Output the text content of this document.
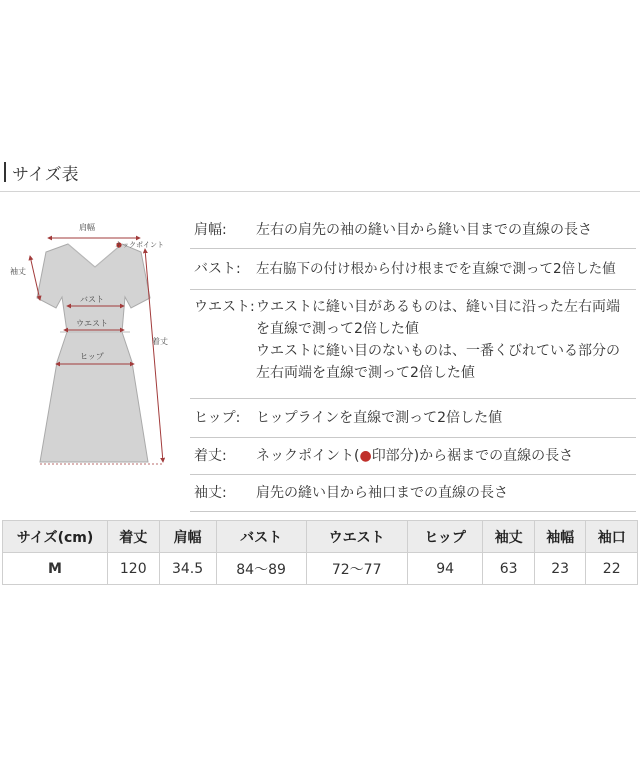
サイズ表
肩幅
ネックポイント
袖丈
バスト
ウエスト
ヒップ
着丈
肩幅:	左右の肩先の袖の縫い目から縫い目までの直線の長さ
バスト:	左右脇下の付け根から付け根までを直線で測って2倍した値
ウエスト: ウエストに縫い目があるものは、縫い目に沿った左右両端
を直線で測って2倍した値
ウエストに縫い目のないものは、一番くびれている部分の
左右両端を直線で測って2倍した値
ヒップ:	ヒップラインを直線で測って2倍した値
着丈:	ネックポイント(●印部分)から裾までの直線の長さ
袖丈:	肩先の縫い目から袖口までの直線の長さ
サイズ(cm)	着丈	肩幅	バスト	ウエスト	ヒップ	袖丈	袖幅	袖口
M	120	34.5	84〜89	72〜77	94	63	23	22
